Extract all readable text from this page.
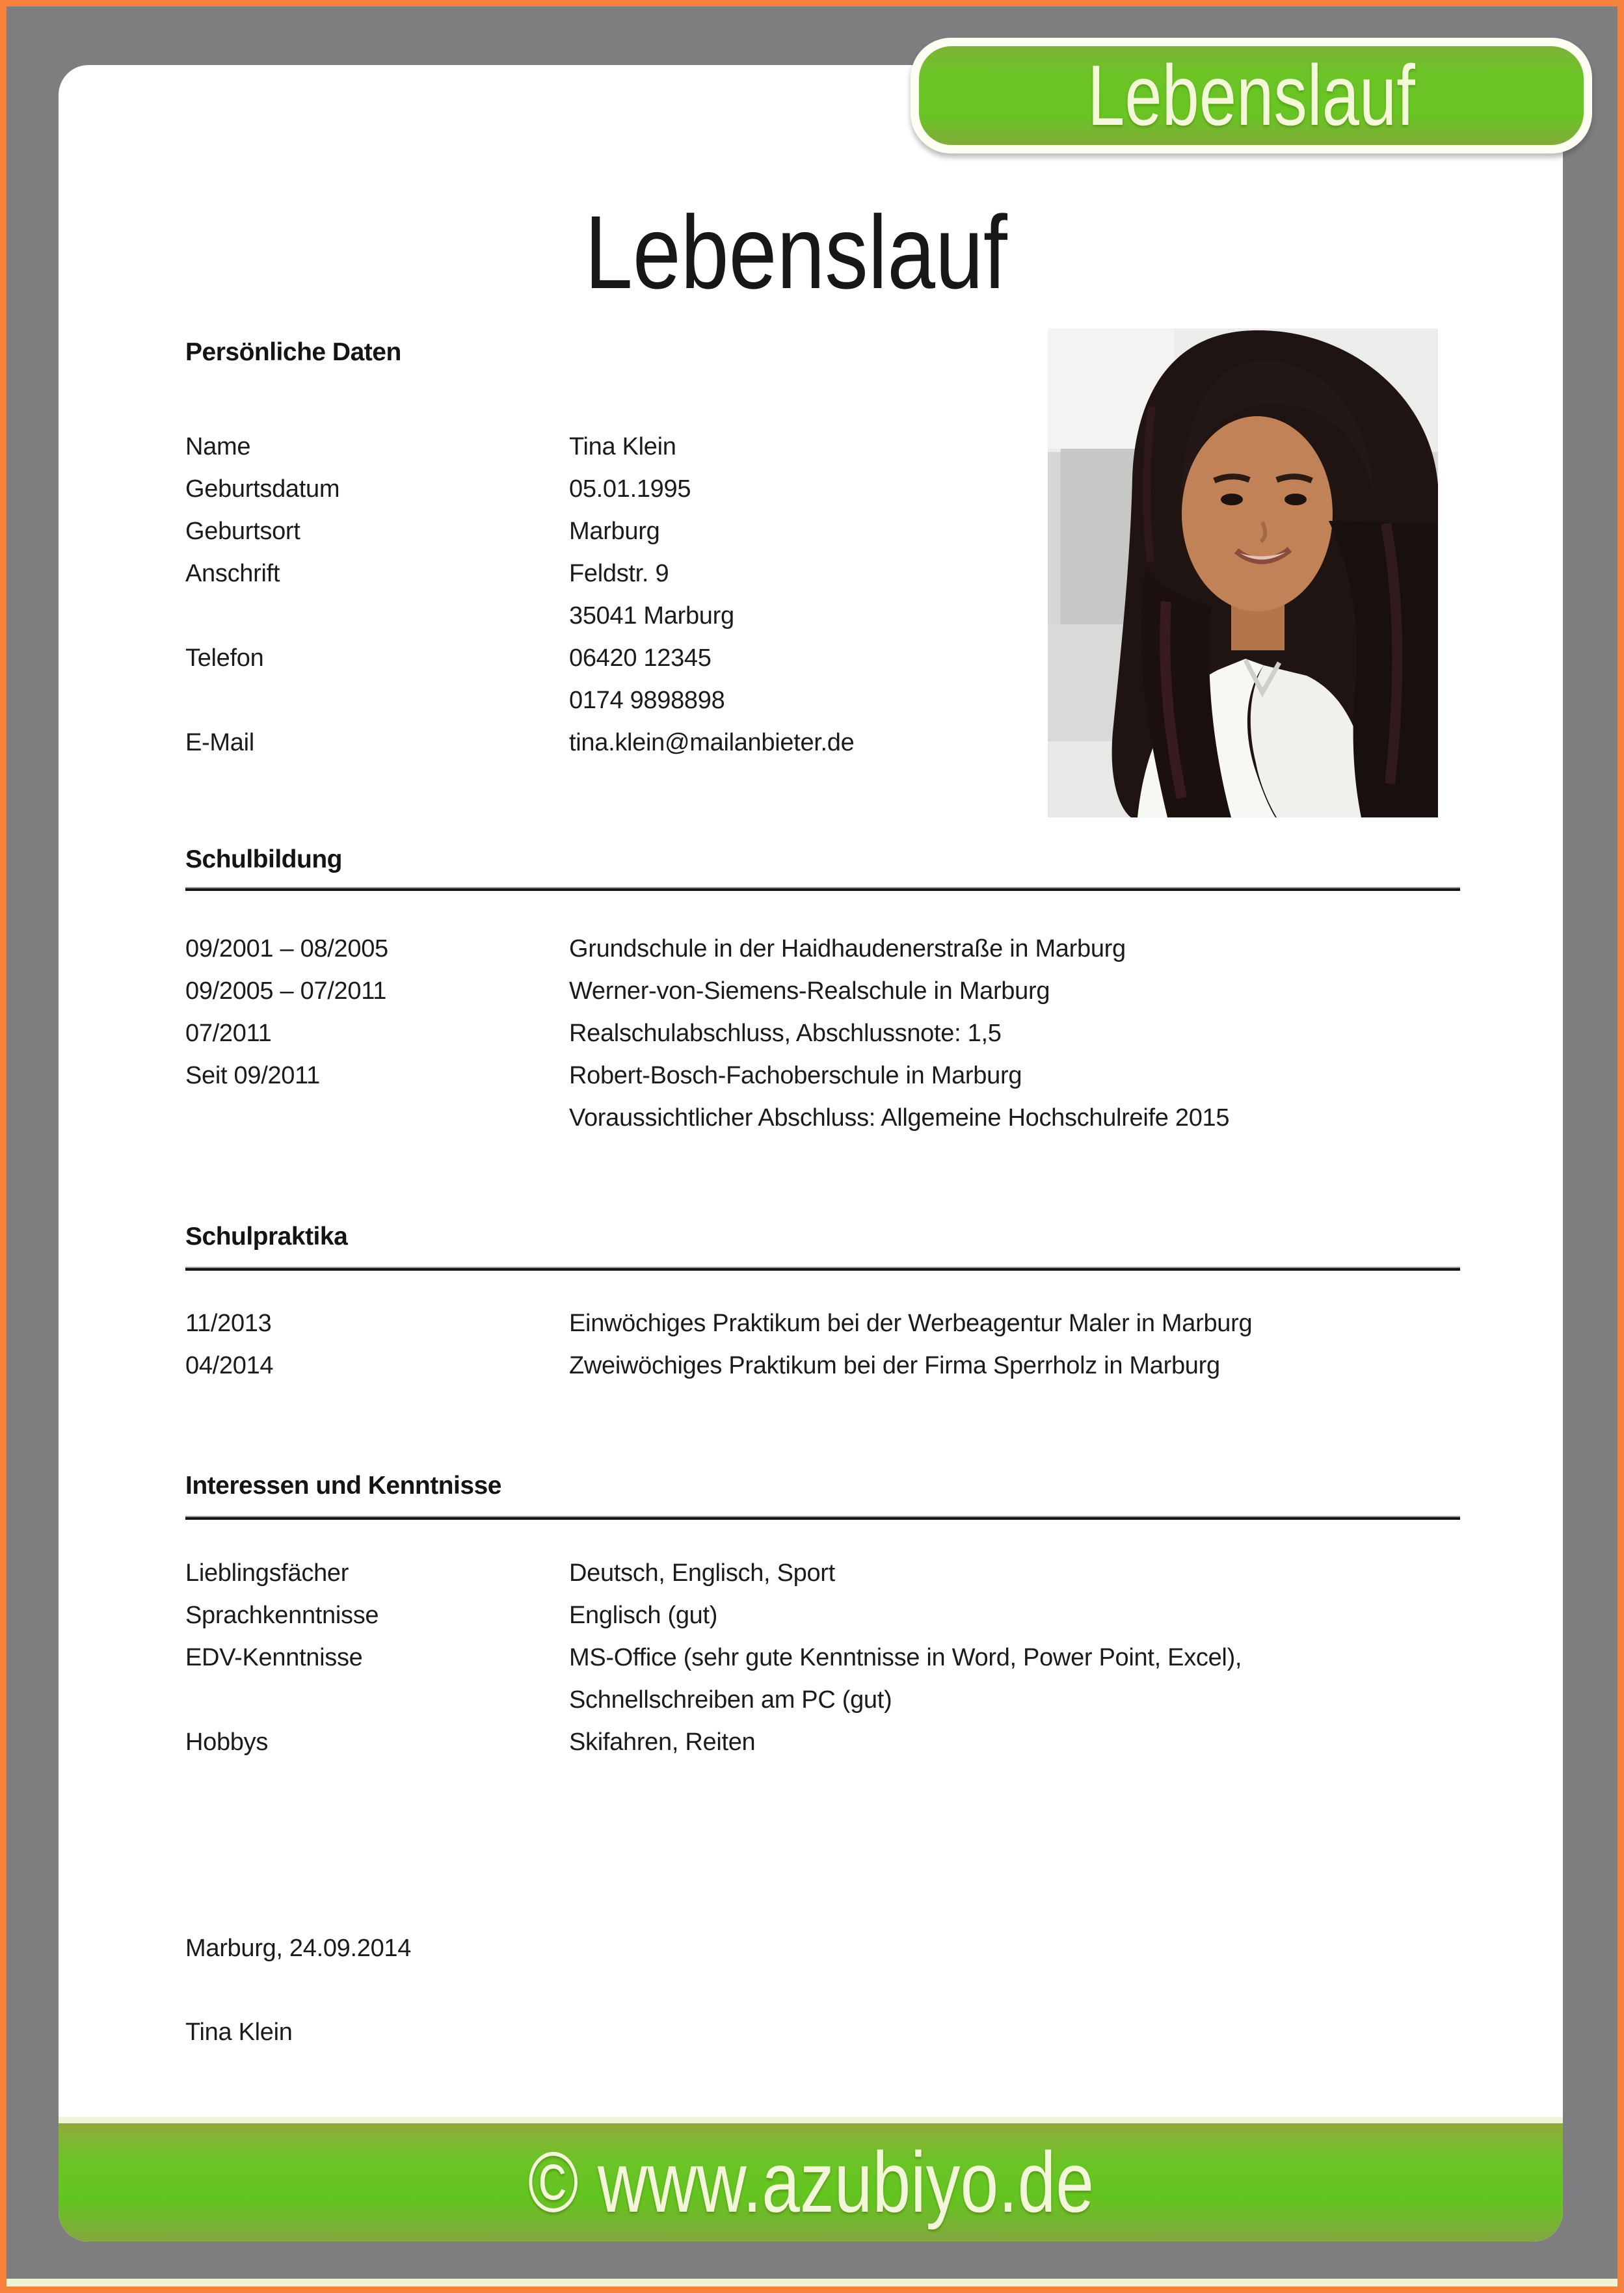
Lebenslauf
Persönliche Daten
Name	Tina Klein
Geburtsdatum	05.01.1995
Geburtsort	Marburg
Anschrift	Feldstr. 9
35041 Marburg
Telefon	06420 12345
0174 9898898
E-Mail	tina.klein@mailanbieter.de
Schulbildung
09/2001 – 08/2005	Grundschule in der Haidhaudenerstraße in Marburg
09/2005 – 07/2011	Werner-von-Siemens-Realschule in Marburg
07/2011	Realschulabschluss, Abschlussnote: 1,5
Seit 09/2011	Robert-Bosch-Fachoberschule in Marburg
Voraussichtlicher Abschluss: Allgemeine Hochschulreife 2015
Schulpraktika
11/2013	Einwöchiges Praktikum bei der Werbeagentur Maler in Marburg
04/2014	Zweiwöchiges Praktikum bei der Firma Sperrholz in Marburg
Interessen und Kenntnisse
Lieblingsfächer	Deutsch, Englisch, Sport
Sprachkenntnisse	Englisch (gut)
EDV-Kenntnisse	MS-Office (sehr gute Kenntnisse in Word, Power Point, Excel),
Schnellschreiben am PC (gut)
Hobbys	Skifahren, Reiten
Marburg, 24.09.2014
Tina Klein
© www.azubiyo.de
Lebenslauf
